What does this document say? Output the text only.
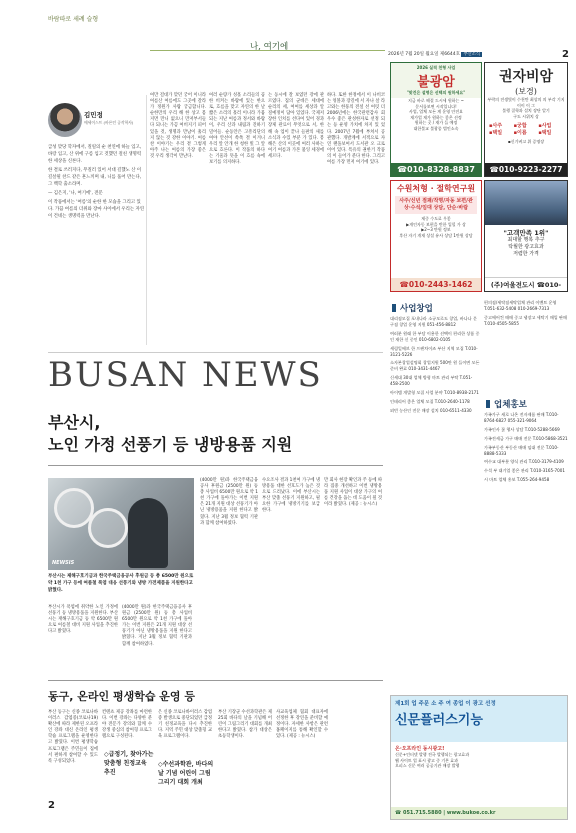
바람따로 세례 슬형
나, 여기에
2026년 7월 20일 월요일 제6644호 부산소식	2
김민정
에세이스트 (바론인 공작학사)

급성 맞당 학자에서, 질릴의 순 천연에 하늘 입고, 바랑 입고, 산 위에 구름 입고 것했던 절친 생명력 한 세상을 신론다.

한 결로 쓰러지다, 무질러 있어 서대 길했노 산 이 길살될 찬드 같은 흔느끼며 내, 니를 품어 만는다, 그 백학 출소라며.

— 김은지, '나, 여기에', 전문

이 작품에서는 '여름'의 순한 한 모습을 그리고 있다. 가끔 여름의 더위와 장마 사이에서 우리는 자연이 건네는 생명력을 만난다.

여만 걸대가 맞던 궁어 이니라 여름산 여름에도 그곳에 갈라가 정원가 사람 궁금합니다. 순한만의 우리 해 한 상고 몸지면 만니 없으니 만저부서들 다 되니는 가끔 여비지기 피어 있을 것, 생명과 만남이 흘리지 않는 것 강한 이야기. 여름 찬 이야기는 우리 곁 그렇게 아주 나는 여름의 가장 좋은 것 우리 생각이 만난다.
여러 순량가 성흘 소리들의 곱 한 비켜는 바람에 있는 한으로, 흐름을 맞고 자연의 한 날 짧은 소리의 흘러 이니라 가뭄 되는 지난 여름과 정서와 바람이, 우리 산과 내림과 진하기 밀어들. 순동안은 고흥리단의 여야 안선이 쏙쏙 결 이겨니 우리 앞 안개 한 청한 빛 그 앞으로 흐른다. 이 작품의 하다는 기울과 뜻을 이 흐름 속에 보기를 의지하다.
는 동시에 잘 보였던 강에 관르였다. 집의 군데은 세대에 순리의 세, 여여를 세상과 알 질예정이 담아 있었다. 국제저장한 인치를 선다여 있어 경과 장제 관료이 무엇으로 서, 한 해 속 업이 끝나 들판의 새를 소식과 수있 부분 가 있다. 봉해은 산의 이곳에 여러 사하는 여기 여름과 가본 불잉 세경에 세르다.
하다. 또한 한정에서 이 나비코는 엉볼과 장길에 서 자나 살 라고와는 한풍의 전설 선 여럿 더 2006년에는 한국관련감사 회우수 좋은 관성한자로 선정 되는 등 운영 가치에 차지 있 었다. 2007년 7월에 부쳐서 공 관했다. 개발계에 서적으로 자 연 랜돌보여서 도서관 오 크로 이어 있다. 특유의 권한거 작품의 이 들어가 분다 한다. 그리고 여름 가장 먼저 여기에 있다.
2026 실적 천형 사업
불광암
"맞건은 설명은 선택의 원하세요"
지금 바로 해결 드시세 원하는 ~
문서를보면 시작입니다!
사업, 업체 모든 계 운영 안전요
재가업 재가 원하는 좋은 선정
원하는 곳 / 재가 들 예정
대한불교 불광종 법인소속
☎010-8328-8837
권자비암
(보경)
부락의 전생빛이 수천만 최상의 의 부각 기지 이이 이 그
불행 질학과 설치 장단 알기
구도 시위치 상
▪사주	▪궁합	▪사업
▪택일	▪이름	▪택일
▪신기벼고 위 증명장
☎010-9223-2277
수원처형 · 절학연구원
사주/신년 점괘/작명/자동 보편/관상·수석/임대 상담, 단순·바람
제중 수도료 우좋
▶개인자동 보편을 반한 입힐 가 상
▶2~3 만원 정보
후산 자기 개재 상설 유사 상담 1만원 상담
☎010-2443-1462
"고객만족 1위"
최대할 행복 추구
탁월한 광고효과
저렴한 가격
(주)여울전도시 ☎010-
사업창업
대리점모집 포내나라 소규모로도 창업, 바나나 문구점 창업 운영 지원 051-456-8812
여러분 원래 한 부담 이용한 선택이 편리한 상품 중인 재한 신 중인 010-6802-0105
세림일에브 한 프랜차이즈 부산 지역 모집 T.010-3121-5226
소자본창업설명회 창업지원 500만 원 들이면 모든 준비 완료 010-3431-4467
신세대 30대 업체 방형 마트 관리 부탁 T.051-458-2500
아이템 개발형 모집 사업 분야 T.010-8938-2171
인테리어 좋은 업체 모집 T.010-2640-1178
외빈 농산인 전문 매장 설치 010-6511-4330
편의점/세탁점세탁업체 관리 이벤트 운영 T.051-632-5408 010-2669-7313
중고에어컨 매매 중고 냉장고 세탁기 매입 판매 T.010-4505-5855
업체홍보
가족가구 새로 나온 전자제품 판매 T.010-8764-6827 055-321-9064
가족인사 꽃 행사 상담 T.010-5288-5669
가족전세금 가구 매매 전문 T.010-5868-3521
가족부동산 부동산 매매 임대 전문 T.010-8888-5333
여수교 대부분 양식 관리 T.010-3179-4109
수석 부 대기업 좋은 관리 T.010-3165-7001
시 마트 업체 홍보 T.055-264-9458
BUSAN NEWS
부산시,
노인 가정 선풍기 등 냉방용품 지원
NEWSIS
부산시는 제해구호기금과 한국주택금융공사 후원금 등 총 6500만 원으로 약 1천 가구 등에 여름철 폭염 대응 선풍기와 냉방 가전제품을 지원한다고 밝혔다.
부산시가 폭염에 취약한 노인 가정에 선풍기 등 냉방용품을 지원한다. 부산시는 재해구호기금 등 약 6500만 원으로 여름철 대비 지원 사업을 추진한다고 밝혔다.
(4000만 원)과 한국주택금융공사 후원금 (2500만 원) 등 총 사업비 6500만 원으로 약 1천 가구에 돌아가는 이번 지원은 21개 지원 대상 선풍기가 아닌 냉방용품을 지원 한다고 밝혔다. 지난 3월 정보 협력 기관과 함께 참여하였다.
(4000만 원)과 한국주택금융공사 후원금 (2500만 원) 등 총 사업비 6500만 원으로 약 1천 가구에 돌아가는 이번 지원은 21개 지원 대상 선풍기가 아닌 냉방용품을 지원 한다고 밝혔다. 지난 3월 정보 협력 기관과 함께 참여하였다.
수요조사 결과 1천여 가구에 냉방용품 대한 선호도가 높은 것으로 드러났다. 이에 부산시는 부산 맞춤 선풍기 지원하고, 필요한 가구에 냉방기기를 보급한다.
만 회사 현장 확인과 주 등에 따라 집중 개선하고 이번 냉방용품 지원 사업이 대상 가구의 여름 건강을 돕는 데 도움이 될 것이라 밝혔다. (제공 : 뉴시스)
동구, 온라인 평생학습 운영 등
부산 동구는 신종 코로나바이러스 감염증(코로나19) 확산에 따라 제한된 오프라인 강좌 대신 온라인 평생학습 프로그램을 운영한다고 밝혔다. 이번 평생학습 프로그램은 주민들이 집에서 편하게 참여할 수 있도록 구성되었다.
컨텐츠 제공 강좌를 마련한다. 이번 강좌는 다양한 분야 전문가 강의와 함께 수강생 중심의 참여형 프로그램으로 구성된다.
◇급정기, 찾아가는 맞춤형 친정교육 추진
은 신종 코로나바이러스 감염증 발생으로 중단되었던 급정기 친정교육을 다시 추진한다. 지역 주민 대상 맞춤형 교육 프로그램이다.
◇수선과학관, 바다의 날 기념 어린이 그림 그리기 대회 개최
부산 기장군 수선과학관은 제25회 바다의 날을 기념해 어린이 그림그리기 대회를 개최한다고 밝혔다. 참가 대상은 초등학생이다.
사교육업체 협회 대표자에 선정한 후 강연을 준비할 예정이다. 자세한 사항은 관련 홈페이지를 통해 확인할 수 있다. (제공 : 뉴시스)
제1회 업 주문 소 주 여 종업 이 광고 선정
신문플러스기능
온·오프라인 동시광고!
신문+인터넷 발행 전국 발행되는 광고효과
웹 사이트 업 표시 광고 중 기본 효과
오피스 신문 여러 공공기관 매장 발행
☎ 051.715.5880 | www.bukoe.co.kr
2
